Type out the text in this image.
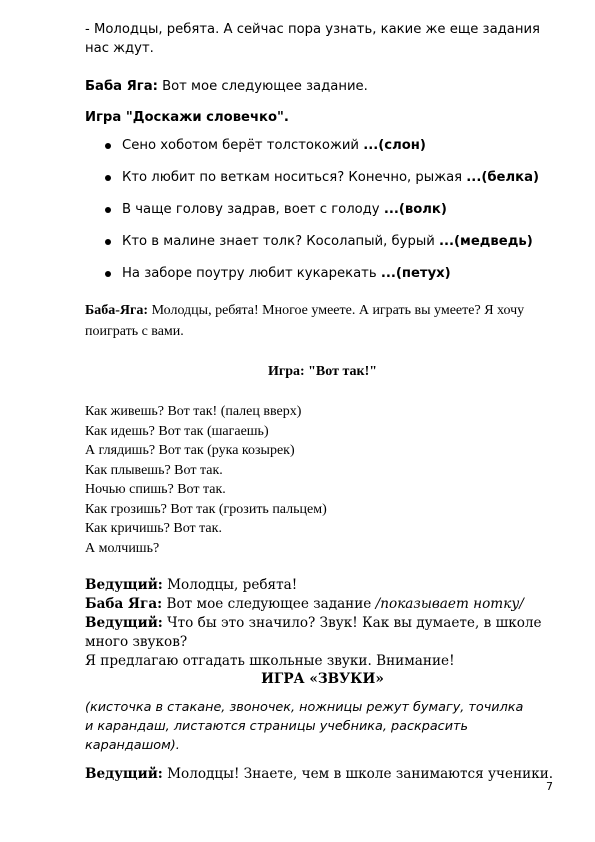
- Молодцы, ребята. А сейчас пора узнать, какие же еще задания нас ждут.

Баба Яга: Вот мое следующее задание.

Игра "Доскажи словечко".

Сено хоботом берёт толстокожий ...(слон)
Кто любит по веткам носиться? Конечно, рыжая ...(белка)
В чаще голову задрав, воет с голоду ...(волк)
Кто в малине знает толк? Косолапый, бурый ...(медведь)
На заборе поутру любит кукарекать ...(петух)

Баба-Яга: Молодцы, ребята! Многое умеете. А играть вы умеете? Я хочу поиграть с вами.

Игра: "Вот так!"

Как живешь? Вот так! (палец вверх)
Как идешь? Вот так (шагаешь)
А глядишь? Вот так (рука козырек)
Как плывешь? Вот так.
Ночью спишь? Вот так.
Как грозишь? Вот так (грозить пальцем)
Как кричишь? Вот так.
А молчишь?

Ведущий: Молодцы, ребята!

Баба Яга: Вот мое следующее задание /показывает нотку/

Ведущий: Что бы это значило? Звук! Как вы думаете, в школе много звуков?

Я предлагаю отгадать школьные звуки. Внимание!

ИГРА «ЗВУКИ»

(кисточка в стакане, звоночек, ножницы режут бумагу, точилка и карандаш, листаются страницы учебника, раскрасить карандашом).

Ведущий: Молодцы! Знаете, чем в школе занимаются ученики.

7
